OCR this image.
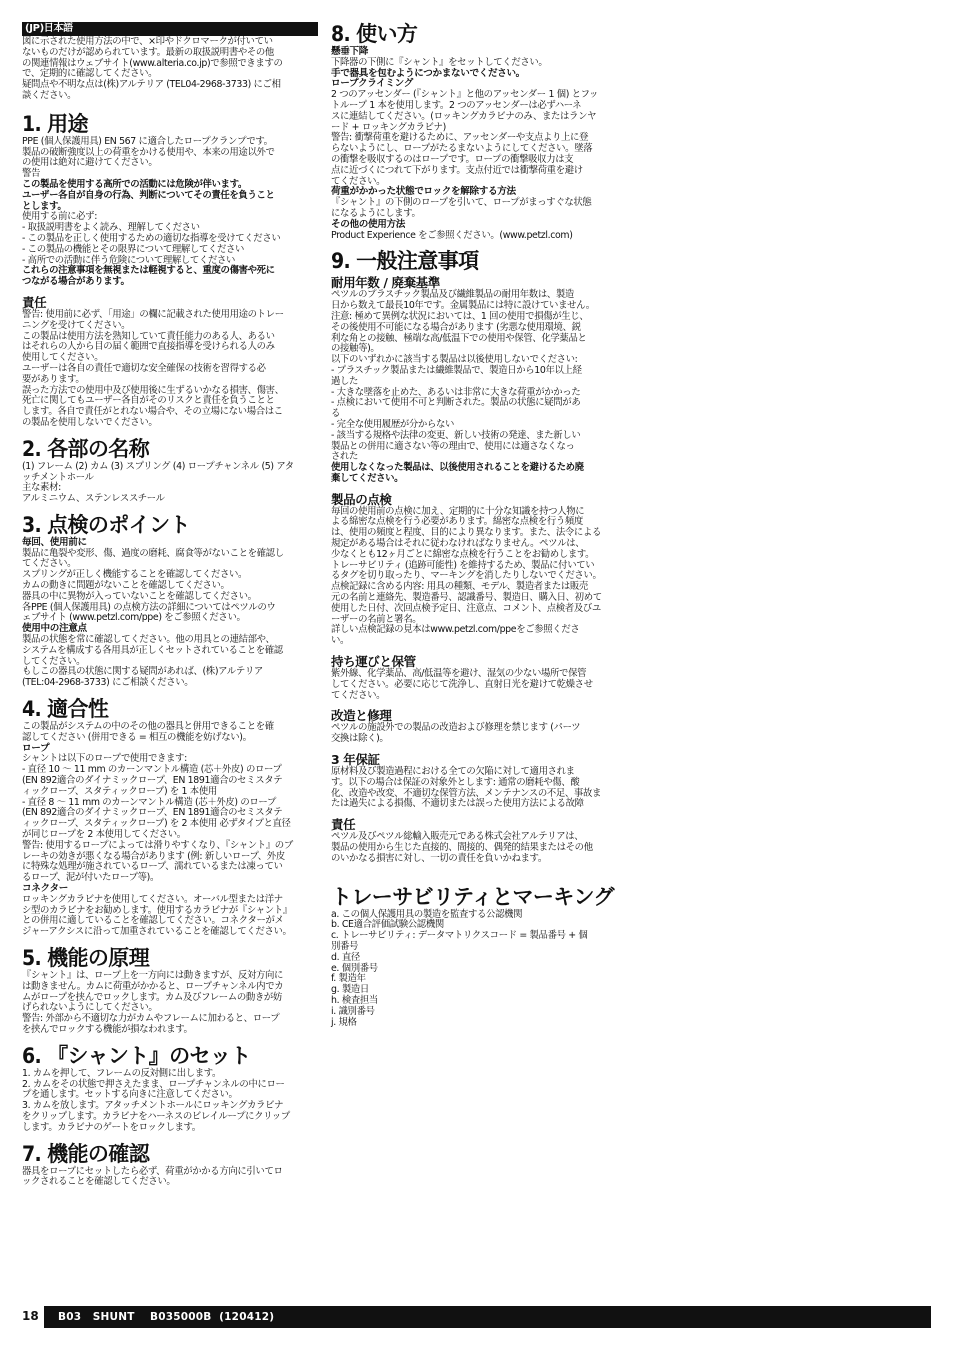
(JP)日本語
図に示された使用方法の中で、×印やドクロマークが付いてい
ないものだけが認められています。最新の取扱説明書やその他
の関連情報はウェブサイト(www.alteria.co.jp)で参照できますの
で、定期的に確認してください。
疑問点や不明な点は(株)アルテリア (TEL04-2968-3733) にご相
談ください。
1. 用途
PPE (個人保護用具) EN 567 に適合したロープクランプです。
製品の破断強度以上の荷重をかける使用や、本来の用途以外で
の使用は絶対に避けてください。
警告
この製品を使用する高所での活動には危険が伴います。
ユーザー各自が自身の行為、判断についてその責任を負うこと
とします。
使用する前に必ず:
- 取扱説明書をよく読み、理解してください
- この製品を正しく使用するための適切な指導を受けてください
- この製品の機能とその限界について理解してください
- 高所での活動に伴う危険について理解してください
これらの注意事項を無視または軽視すると、重度の傷害や死に
つながる場合があります。
責任
警告: 使用前に必ず、「用途」の欄に記載された使用用途のトレー
ニングを受けてください。
この製品は使用方法を熟知していて責任能力のある人、あるい
はそれらの人から目の届く範囲で直接指導を受けられる人のみ
使用してください。
ユーザーは各自の責任で適切な安全確保の技術を習得する必
要があります。
誤った方法での使用中及び使用後に生ずるいかなる損害、傷害、
死亡に関してもユーザー各自がそのリスクと責任を負うことと
します。各自で責任がとれない場合や、その立場にない場合はこ
の製品を使用しないでください。
2. 各部の名称
(1) フレーム (2) カム (3) スプリング (4) ロープチャンネル (5) アタ
ッチメントホール
主な素材:
アルミニウム、ステンレススチール
3. 点検のポイント
毎回、使用前に
製品に亀裂や変形、傷、過度の磨耗、腐食等がないことを確認し
てください。
スプリングが正しく機能することを確認してください。
カムの動きに問題がないことを確認してください。
器具の中に異物が入っていないことを確認してください。
各PPE (個人保護用具) の点検方法の詳細についてはペツルのウ
ェブサイト (www.petzl.com/ppe) をご参照ください。
使用中の注意点
製品の状態を常に確認してください。他の用具との連結部や、
システムを構成する各用具が正しくセットされていることを確認
してください。
もしこの器具の状態に関する疑問があれば、(株)アルテリア
(TEL:04-2968-3733) にご相談ください。
4. 適合性
この製品がシステムの中のその他の器具と併用できることを確
認してください (併用できる = 相互の機能を妨げない)。
ロープ
シャントは以下のロープで使用できます:
- 直径 10 ～ 11 mm のカーンマントル構造 (芯＋外皮) のロープ
(EN 892適合のダイナミックロープ、EN 1891適合のセミスタテ
ィックロープ、スタティックロープ) を 1 本使用
- 直径 8 ～ 11 mm のカーンマントル構造 (芯＋外皮) のロープ
(EN 892適合のダイナミックロープ、EN 1891適合のセミスタテ
ィックロープ、スタティックロープ) を 2 本使用 必ずタイプと直径
が同じロープを 2 本使用してください。
警告: 使用するロープによっては滑りやすくなり、『シャント』のブ
レーキの効きが悪くなる場合があります (例: 新しいロープ、外皮
に特殊な処理が施されているロープ、濡れているまたは凍ってい
るロープ、泥が付いたロープ等)。
コネクター
ロッキングカラビナを使用してください。オーバル型または洋ナ
シ型のカラビナをお勧めします。使用するカラビナが『シャント』
との併用に適していることを確認してください。コネクターがメ
ジャーアクシスに沿って加重されていることを確認してください。
5. 機能の原理
『シャント』は、ロープ上を一方向には動きますが、反対方向に
は動きません。カムに荷重がかかると、ロープチャンネル内でカ
ムがロープを挟んでロックします。カム及びフレームの動きが妨
げられないようにしてください。
警告: 外部から不適切な力がカムやフレームに加わると、ロープ
を挟んでロックする機能が損なわれます。
6. 『シャント』のセット
1. カムを押して、フレームの反対側に出します。
2. カムをその状態で押さえたまま、ロープチャンネルの中にロー
プを通します。セットする向きに注意してください。
3. カムを放します。アタッチメントホールにロッキングカラビナ
をクリップします。カラビナをハーネスのビレイループにクリップ
します。カラビナのゲートをロックします。
7. 機能の確認
器具をロープにセットしたら必ず、荷重がかかる方向に引いてロ
ックされることを確認してください。
8. 使い方
懸垂下降
下降器の下側に『シャント』をセットしてください。
手で器具を包むようにつかまないでください。
ロープクライミング
2 つのアッセンダー (『シャント』と他のアッセンダー 1 個) とフッ
トループ 1 本を使用します。2 つのアッセンダーは必ずハーネ
スに連結してください。(ロッキングカラビナのみ、またはランヤ
ード + ロッキングカラビナ)
警告: 衝撃荷重を避けるために、アッセンダーや支点より上に登
らないようにし、ロープがたるまないようにしてください。墜落
の衝撃を吸収するのはロープです。ロープの衝撃吸収力は支
点に近づくにつれて下がります。支点付近では衝撃荷重を避け
てください。
荷重がかかった状態でロックを解除する方法
『シャント』の下側のロープを引いて、ロープがまっすぐな状態
になるようにします。
その他の使用方法
Product Experience をご参照ください。(www.petzl.com)
9. 一般注意事項
耐用年数 / 廃棄基準
ペツルのプラスチック製品及び繊維製品の耐用年数は、製造
日から数えて最長10年です。金属製品には特に設けていません。
注意: 極めて異例な状況においては、1 回の使用で損傷が生じ、
その後使用不可能になる場合があります (劣悪な使用環境、鋭
利な角との接触、極端な高/低温下での使用や保管、化学薬品と
の接触等)。
以下のいずれかに該当する製品は以後使用しないでください:
- プラスチック製品または繊維製品で、製造日から10年以上経
過した
- 大きな墜落を止めた、あるいは非常に大きな荷重がかかった
- 点検において使用不可と判断された。製品の状態に疑問があ
る
- 完全な使用履歴が分からない
- 該当する規格や法律の変更、新しい技術の発達、また新しい
製品との併用に適さない等の理由で、使用には適さなくなっ
された
使用しなくなった製品は、以後使用されることを避けるため廃
棄してください。
製品の点検
毎回の使用前の点検に加え、定期的に十分な知識を持つ人物に
よる綿密な点検を行う必要があります。綿密な点検を行う頻度
は、使用の頻度と程度、目的により異なります。また、法令による
規定がある場合はそれに従わなければなりません。ペツルは、
少なくとも12ヶ月ごとに綿密な点検を行うことをお勧めします。
トレーサビリティ (追跡可能性) を維持するため、製品に付いてい
るタグを切り取ったり、マーキングを消したりしないでください。
点検記録に含める内容: 用具の種類、モデル、製造者または販売
元の名前と連絡先、製造番号、認識番号、製造日、購入日、初めて
使用した日付、次回点検予定日、注意点、コメント、点検者及びユ
ーザーの名前と署名。
詳しい点検記録の見本はwww.petzl.com/ppeをご参照くださ
い。
持ち運びと保管
紫外線、化学薬品、高/低温等を避け、湿気の少ない場所で保管
してください。必要に応じて洗浄し、直射日光を避けて乾燥させ
てください。
改造と修理
ペツルの施設外での製品の改造および修理を禁じます (パーツ
交換は除く)。
3 年保証
原材料及び製造過程における全ての欠陥に対して適用されま
す。以下の場合は保証の対象外とします: 通常の磨耗や傷、酸
化、改造や改変、不適切な保管方法、メンテナンスの不足、事故ま
たは過失による損傷、不適切または誤った使用方法による故障
責任
ペツル及びペツル総輸入販売元である株式会社アルテリアは、
製品の使用から生じた直接的、間接的、偶発的結果またはその他
のいかなる損害に対し、一切の責任を負いかねます。
トレーサビリティとマーキング
a. この個人保護用具の製造を監査する公認機関
b. CE適合評価試験公認機関
c. トレーサビリティ: データマトリクスコード = 製品番号 + 個
別番号
d. 直径
e. 個別番号
f. 製造年
g. 製造日
h. 検査担当
i. 識別番号
j. 規格
18	B03   SHUNT    B035000B  (120412)
